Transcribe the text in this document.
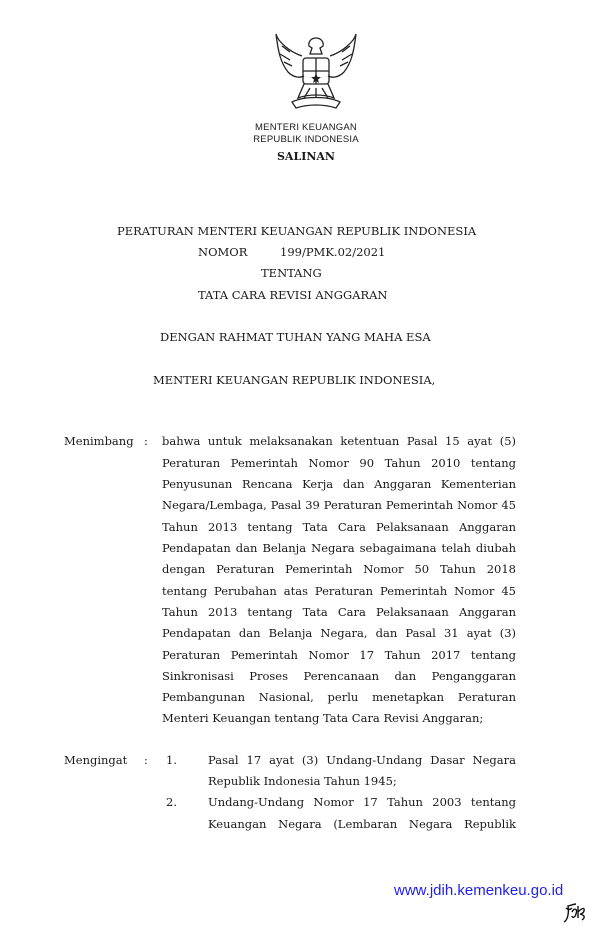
MENTERI KEUANGAN
REPUBLIK INDONESIA
SALINAN
PERATURAN MENTERI KEUANGAN REPUBLIK INDONESIA
NOMOR	199/PMK.02/2021
TENTANG
TATA CARA REVISI ANGGARAN
DENGAN RAHMAT TUHAN YANG MAHA ESA
MENTERI KEUANGAN REPUBLIK INDONESIA,
Menimbang : bahwa untuk melaksanakan ketentuan Pasal 15 ayat (5)
Peraturan Pemerintah Nomor 90 Tahun 2010 tentang
Penyusunan Rencana Kerja dan Anggaran Kementerian
Negara/Lembaga, Pasal 39 Peraturan Pemerintah Nomor 45
Tahun 2013 tentang Tata Cara Pelaksanaan Anggaran
Pendapatan dan Belanja Negara sebagaimana telah diubah
dengan Peraturan Pemerintah Nomor 50 Tahun 2018
tentang Perubahan atas Peraturan Pemerintah Nomor 45
Tahun 2013 tentang Tata Cara Pelaksanaan Anggaran
Pendapatan dan Belanja Negara, dan Pasal 31 ayat (3)
Peraturan Pemerintah Nomor 17 Tahun 2017 tentang
Sinkronisasi Proses Perencanaan dan Penganggaran
Pembangunan Nasional, perlu menetapkan Peraturan
Menteri Keuangan tentang Tata Cara Revisi Anggaran;
Mengingat : 1.	Pasal 17 ayat (3) Undang-Undang Dasar Negara
Republik Indonesia Tahun 1945;
2.	Undang-Undang Nomor 17 Tahun 2003 tentang
Keuangan Negara (Lembaran Negara Republik
www.jdih.kemenkeu.go.id
